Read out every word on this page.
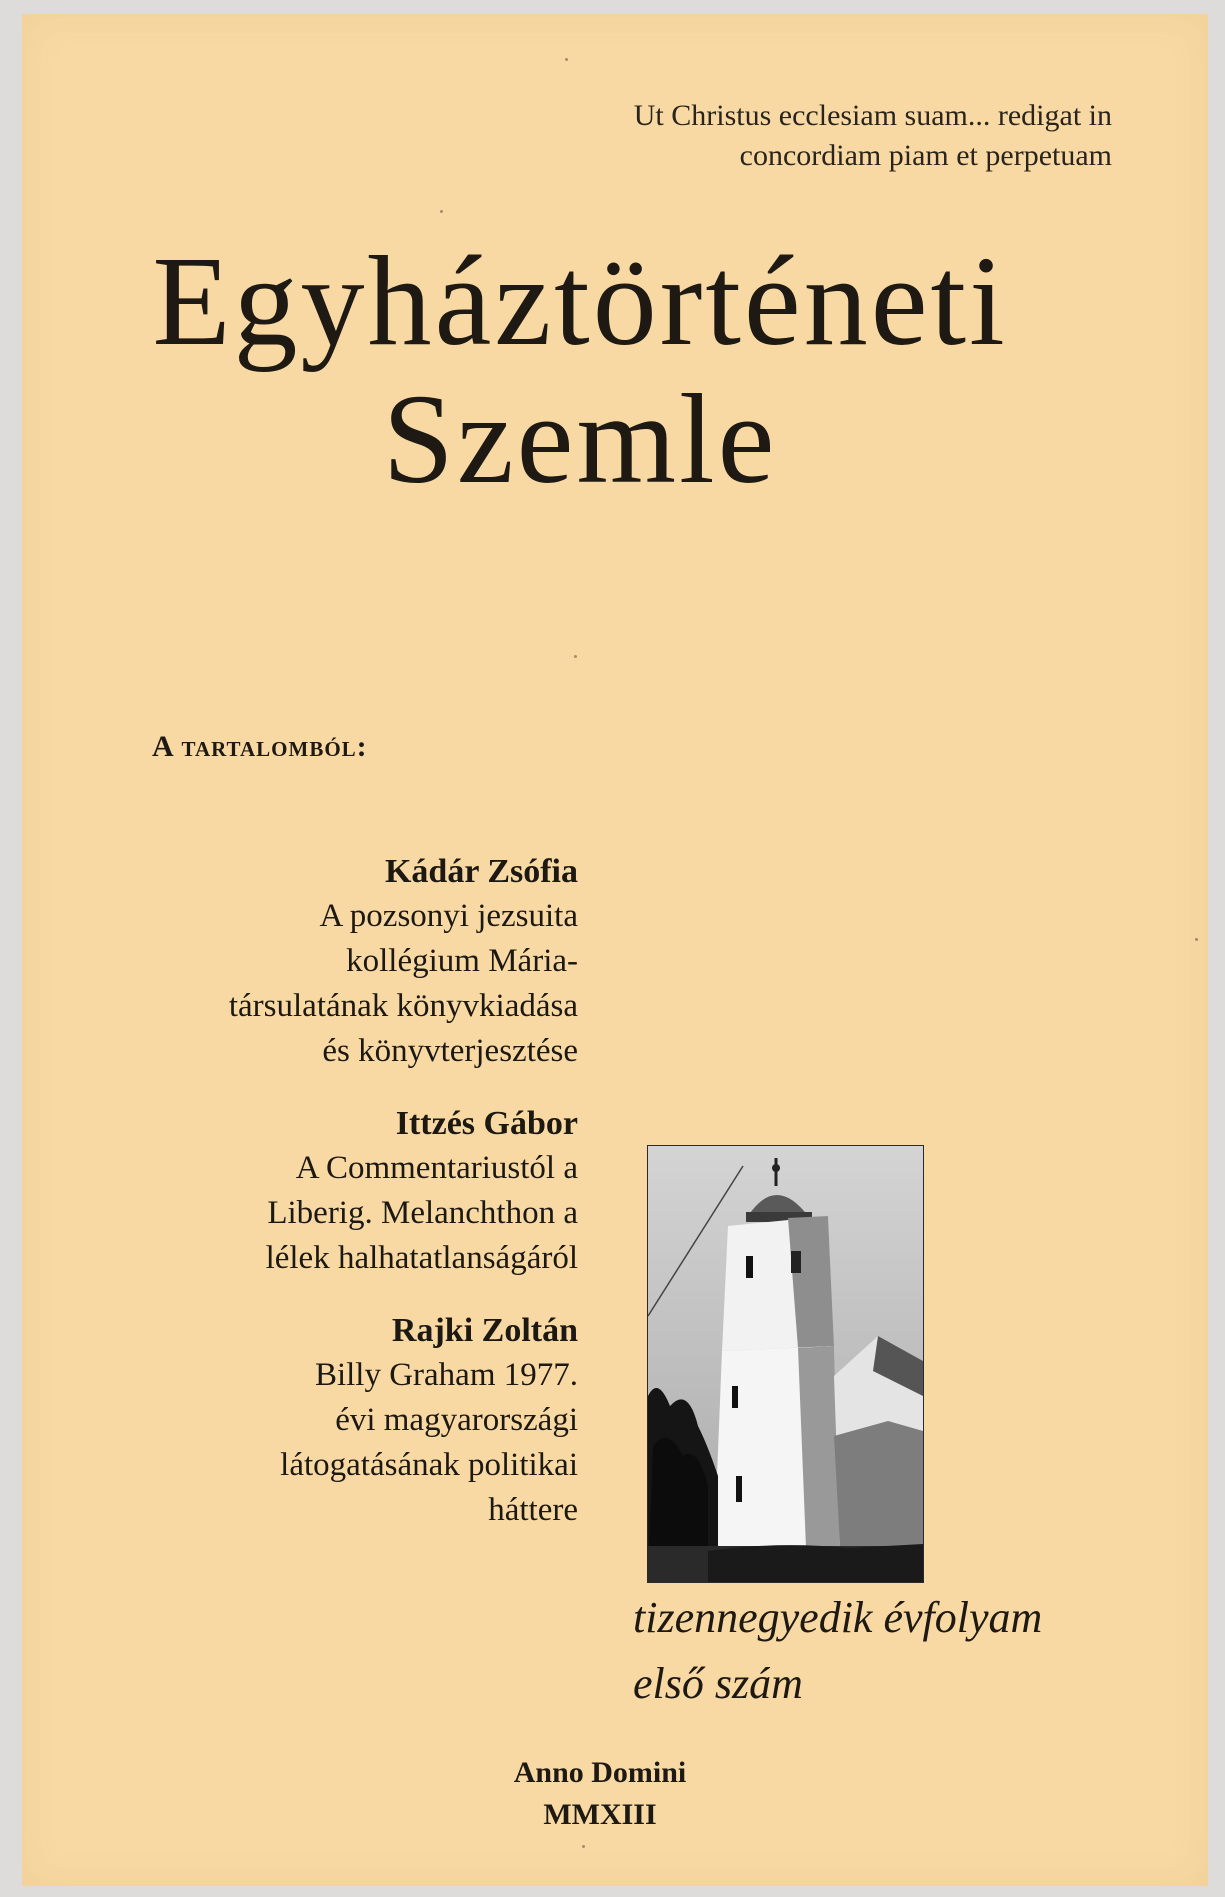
Ut Christus ecclesiam suam... redigat in
concordiam piam et perpetuam
Egyháztörténeti
Szemle
A tartalomból:
Kádár Zsófia
A pozsonyi jezsuita
kollégium Mária-
társulatának könyvkiadása
és könyvterjesztése
Ittzés Gábor
A Commentariustól a
Liberig. Melanchthon a
lélek halhatatlanságáról
Rajki Zoltán
Billy Graham 1977.
évi magyarországi
látogatásának politikai
háttere
tizennegyedik évfolyam
első szám
Anno Domini
MMXIII
